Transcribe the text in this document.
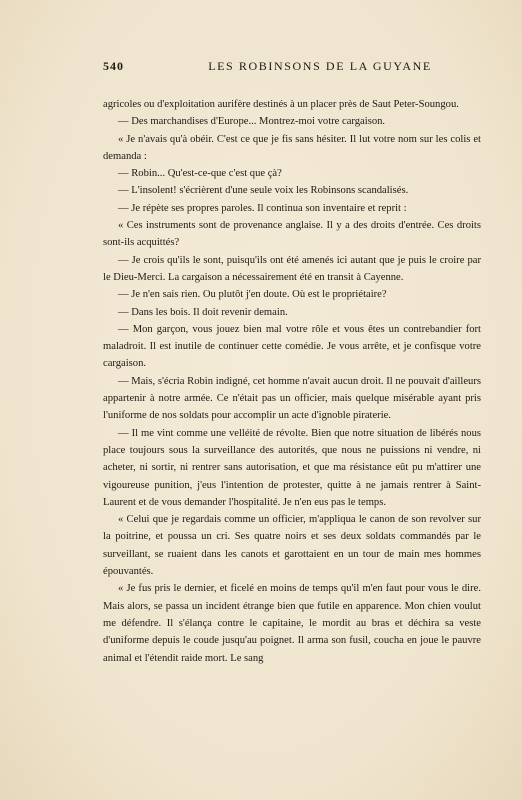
540	LES ROBINSONS DE LA GUYANE

agricoles ou d'exploitation aurifère destinés à un placer près de Saut Peter-Soungou.

— Des marchandises d'Europe... Montrez-moi votre cargaison.

« Je n'avais qu'à obéir. C'est ce que je fis sans hésiter. Il lut votre nom sur les colis et demanda :

— Robin... Qu'est-ce-que c'est que çà?

— L'insolent! s'écrièrent d'une seule voix les Robinsons scandalisés.

— Je répète ses propres paroles. Il continua son inventaire et reprit :

« Ces instruments sont de provenance anglaise. Il y a des droits d'entrée. Ces droits sont-ils acquittés?

— Je crois qu'ils le sont, puisqu'ils ont été amenés ici autant que je puis le croire par le Dieu-Merci. La cargaison a nécessairement été en transit à Cayenne.

— Je n'en sais rien. Ou plutôt j'en doute. Où est le propriétaire?

— Dans les bois. Il doit revenir demain.

— Mon garçon, vous jouez bien mal votre rôle et vous êtes un contrebandier fort maladroit. Il est inutile de continuer cette comédie. Je vous arrête, et je confisque votre cargaison.

— Mais, s'écria Robin indigné, cet homme n'avait aucun droit. Il ne pouvait d'ailleurs appartenir à notre armée. Ce n'était pas un officier, mais quelque misérable ayant pris l'uniforme de nos soldats pour accomplir un acte d'ignoble piraterie.

— Il me vint comme une velléité de révolte. Bien que notre situation de libérés nous place toujours sous la surveillance des autorités, que nous ne puissions ni vendre, ni acheter, ni sortir, ni rentrer sans autorisation, et que ma résistance eût pu m'attirer une vigoureuse punition, j'eus l'intention de protester, quitte à ne jamais rentrer à Saint-Laurent et de vous demander l'hospitalité. Je n'en eus pas le temps.

« Celui que je regardais comme un officier, m'appliqua le canon de son revolver sur la poitrine, et poussa un cri. Ses quatre noirs et ses deux soldats commandés par le surveillant, se ruaient dans les canots et garottaient en un tour de main mes hommes épouvantés.

« Je fus pris le dernier, et ficelé en moins de temps qu'il m'en faut pour vous le dire. Mais alors, se passa un incident étrange bien que futile en apparence. Mon chien voulut me défendre. Il s'élança contre le capitaine, le mordit au bras et déchira sa veste d'uniforme depuis le coude jusqu'au poignet. Il arma son fusil, coucha en joue le pauvre animal et l'étendit raide mort. Le sang
